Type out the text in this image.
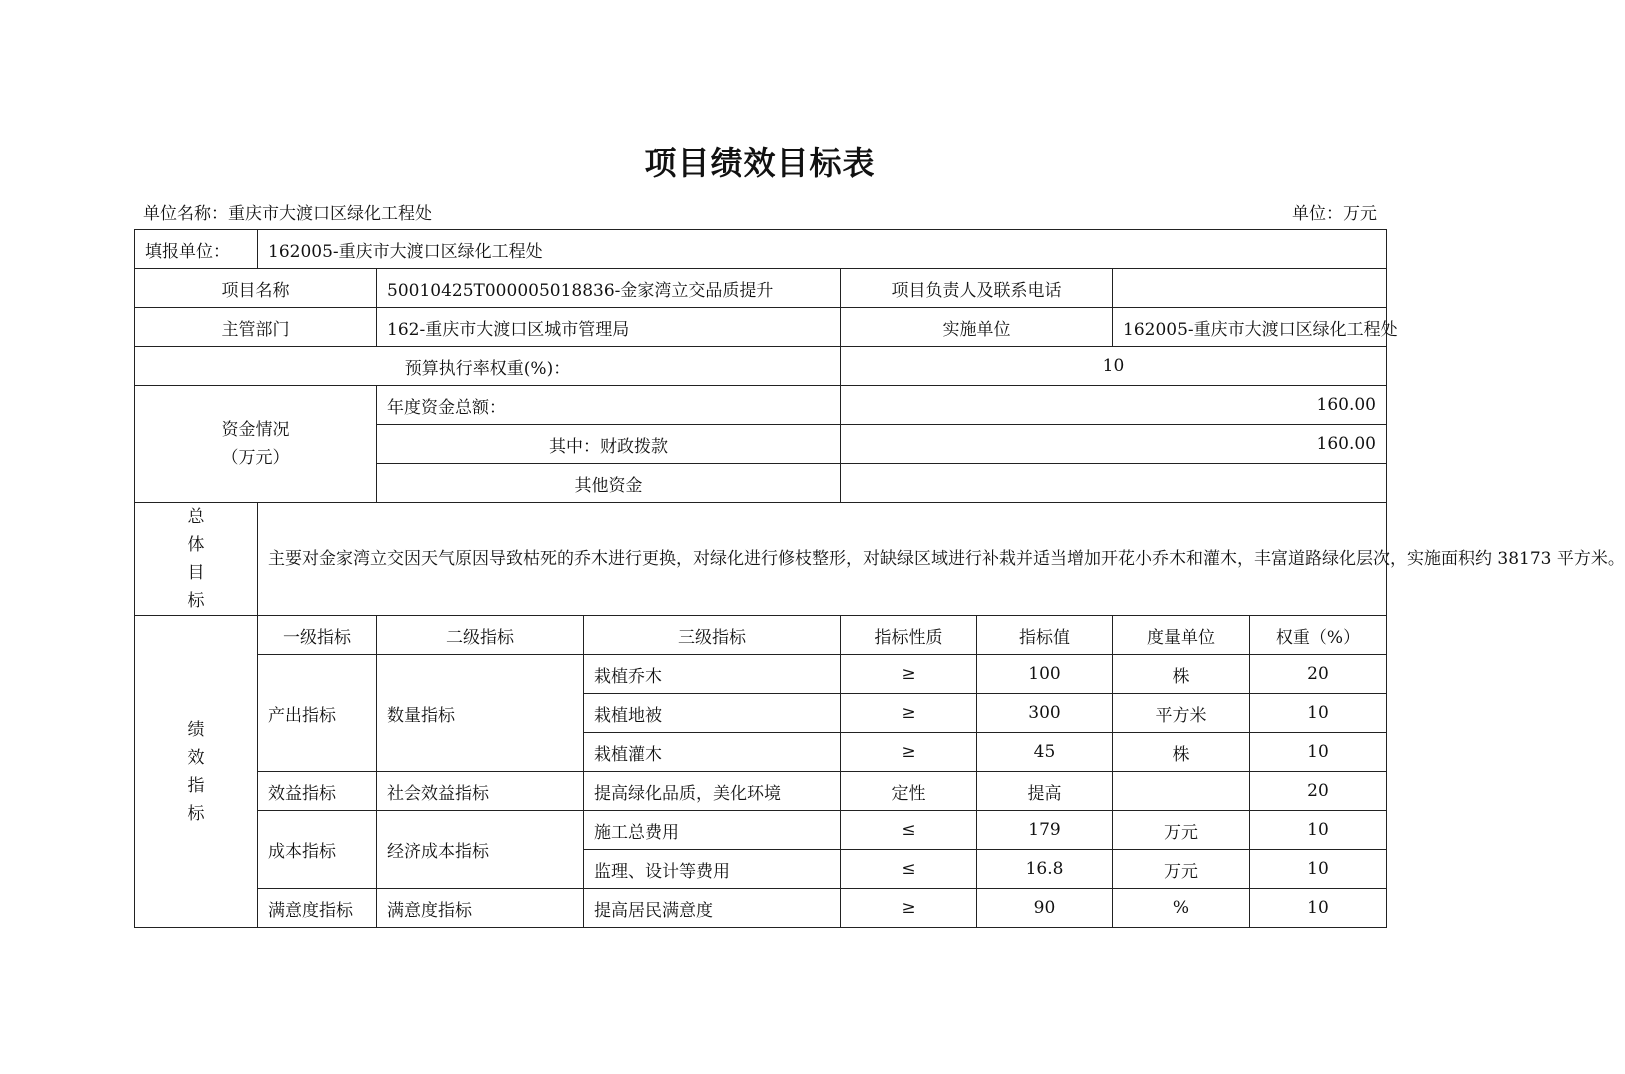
项目绩效目标表
单位名称：重庆市大渡口区绿化工程处	单位：万元
填报单位：	162005-重庆市大渡口区绿化工程处						
项目名称		50010425T000005018836-金家湾立交品质提升		项目负责人及联系电话			
主管部门		162-重庆市大渡口区城市管理局		实施单位		162005-重庆市大渡口区绿化工程处	
预算执行率权重(%)：				10			
资金情况
（万元）		年度资金总额：		160.00			
		其中：财政拨款		160.00			
		其他资金					

总
体
目
标	主要对金家湾立交因天气原因导致枯死的乔木进行更换，对绿化进行修枝整形，对缺绿区域进行补栽并适当增加开花小乔木和灌木，丰富道路绿化层次，实施面积约 38173 平方米。						

绩
效
指
标	一级指标	二级指标	三级指标	指标性质	指标值	度量单位	权重（%）
	产出指标	数量指标	栽植乔木	≥	100	株	20
			栽植地被	≥	300	平方米	10
			栽植灌木	≥	45	株	10
	效益指标	社会效益指标	提高绿化品质，美化环境	定性	提高		20
	成本指标	经济成本指标	施工总费用	≤	179	万元	10
			监理、设计等费用	≤	16.8	万元	10
	满意度指标	满意度指标	提高居民满意度	≥	90	%	10
